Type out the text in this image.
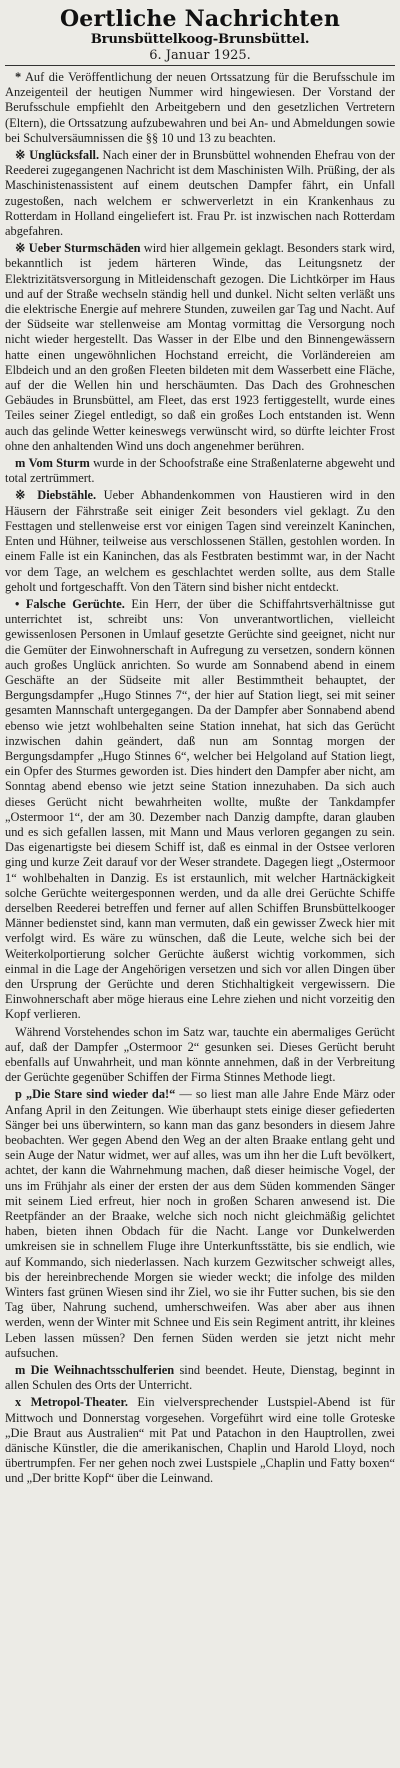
Oertliche Nachrichten
Brunsbüttelkoog-Brunsbüttel.
6. Januar 1925.

* Auf die Veröffentlichung der neuen Ortssatzung für die Berufsschule im Anzeigenteil der heutigen Nummer wird hingewiesen. Der Vorstand der Berufsschule empfiehlt den Arbeitgebern und den gesetzlichen Vertretern (Eltern), die Ortssatzung aufzubewahren und bei An- und Abmeldungen sowie bei Schulversäumnissen die §§ 10 und 13 zu beachten.

※ Unglücksfall. Nach einer der in Brunsbüttel wohnenden Ehefrau von der Reederei zugegangenen Nachricht ist dem Maschinisten Wilh. Prüßing, der als Maschinistenassistent auf einem deutschen Dampfer fährt, ein Unfall zugestoßen, nach welchem er schwerverletzt in ein Krankenhaus zu Rotterdam in Holland eingeliefert ist. Frau Pr. ist inzwischen nach Rotterdam abgefahren.

※ Ueber Sturmschäden wird hier allgemein geklagt. Besonders stark wird, bekanntlich ist jedem härteren Winde, das Leitungsnetz der Elektrizitätsversorgung in Mitleidenschaft gezogen. Die Lichtkörper im Haus und auf der Straße wechseln ständig hell und dunkel. Nicht selten verläßt uns die elektrische Energie auf mehrere Stunden, zuweilen gar Tag und Nacht. Auf der Südseite war stellenweise am Montag vormittag die Versorgung noch nicht wieder hergestellt. Das Wasser in der Elbe und den Binnengewässern hatte einen ungewöhnlichen Hochstand erreicht, die Vorländereien am Elbdeich und an den großen Fleeten bildeten mit dem Wasserbett eine Fläche, auf der die Wellen hin und herschäumten. Das Dach des Grohneschen Gebäudes in Brunsbüttel, am Fleet, das erst 1923 fertiggestellt, wurde eines Teiles seiner Ziegel entledigt, so daß ein großes Loch entstanden ist. Wenn auch das gelinde Wetter keineswegs verwünscht wird, so dürfte leichter Frost ohne den anhaltenden Wind uns doch angenehmer berühren.

m Vom Sturm wurde in der Schoofstraße eine Straßenlaterne abgeweht und total zertrümmert.

※ Diebstähle. Ueber Abhandenkommen von Haustieren wird in den Häusern der Fährstraße seit einiger Zeit besonders viel geklagt. Zu den Festtagen und stellenweise erst vor einigen Tagen sind vereinzelt Kaninchen, Enten und Hühner, teilweise aus verschlossenen Ställen, gestohlen worden. In einem Falle ist ein Kaninchen, das als Festbraten bestimmt war, in der Nacht vor dem Tage, an welchem es geschlachtet werden sollte, aus dem Stalle geholt und fortgeschafft. Von den Tätern sind bisher nicht entdeckt.

• Falsche Gerüchte. Ein Herr, der über die Schiffahrtsverhältnisse gut unterrichtet ist, schreibt uns: Von unverantwortlichen, vielleicht gewissenlosen Personen in Umlauf gesetzte Gerüchte sind geeignet, nicht nur die Gemüter der Einwohnerschaft in Aufregung zu versetzen, sondern können auch großes Unglück anrichten. So wurde am Sonnabend abend in einem Geschäfte an der Südseite mit aller Bestimmtheit behauptet, der Bergungsdampfer „Hugo Stinnes 7“, der hier auf Station liegt, sei mit seiner gesamten Mannschaft untergegangen. Da der Dampfer aber Sonnabend abend ebenso wie jetzt wohlbehalten seine Station innehat, hat sich das Gerücht inzwischen dahin geändert, daß nun am Sonntag morgen der Bergungsdampfer „Hugo Stinnes 6“, welcher bei Helgoland auf Station liegt, ein Opfer des Sturmes geworden ist. Dies hindert den Dampfer aber nicht, am Sonntag abend ebenso wie jetzt seine Station innezuhaben. Da sich auch dieses Gerücht nicht bewahrheiten wollte, mußte der Tankdampfer „Ostermoor 1“, der am 30. Dezember nach Danzig dampfte, daran glauben und es sich gefallen lassen, mit Mann und Maus verloren gegangen zu sein. Das eigenartigste bei diesem Schiff ist, daß es einmal in der Ostsee verloren ging und kurze Zeit darauf vor der Weser strandete. Dagegen liegt „Ostermoor 1“ wohlbehalten in Danzig. Es ist erstaunlich, mit welcher Hartnäckigkeit solche Gerüchte weitergesponnen werden, und da alle drei Gerüchte Schiffe derselben Reederei betreffen und ferner auf allen Schiffen Brunsbüttelkooger Männer bedienstet sind, kann man vermuten, daß ein gewisser Zweck hier mit verfolgt wird. Es wäre zu wünschen, daß die Leute, welche sich bei der Weiterkolportierung solcher Gerüchte äußerst wichtig vorkommen, sich einmal in die Lage der Angehörigen versetzen und sich vor allen Dingen über den Ursprung der Gerüchte und deren Stichhaltigkeit vergewissern. Die Einwohnerschaft aber möge hieraus eine Lehre ziehen und nicht vorzeitig den Kopf verlieren.

Während Vorstehendes schon im Satz war, tauchte ein abermaliges Gerücht auf, daß der Dampfer „Ostermoor 2“ gesunken sei. Dieses Gerücht beruht ebenfalls auf Unwahrheit, und man könnte annehmen, daß in der Verbreitung der Gerüchte gegenüber Schiffen der Firma Stinnes Methode liegt.

p „Die Stare sind wieder da!“ — so liest man alle Jahre Ende März oder Anfang April in den Zeitungen. Wie überhaupt stets einige dieser gefiederten Sänger bei uns überwintern, so kann man das ganz besonders in diesem Jahre beobachten. Wer gegen Abend den Weg an der alten Braake entlang geht und sein Auge der Natur widmet, wer auf alles, was um ihn her die Luft bevölkert, achtet, der kann die Wahrnehmung machen, daß dieser heimische Vogel, der uns im Frühjahr als einer der ersten der aus dem Süden kommenden Sänger mit seinem Lied erfreut, hier noch in großen Scharen anwesend ist. Die Reetpfänder an der Braake, welche sich noch nicht gleichmäßig gelichtet haben, bieten ihnen Obdach für die Nacht. Lange vor Dunkelwerden umkreisen sie in schnellem Fluge ihre Unterkunftsstätte, bis sie endlich, wie auf Kommando, sich niederlassen. Nach kurzem Gezwitscher schweigt alles, bis der hereinbrechende Morgen sie wieder weckt; die infolge des milden Winters fast grünen Wiesen sind ihr Ziel, wo sie ihr Futter suchen, bis sie den Tag über, Nahrung suchend, umherschweifen. Was aber aber aus ihnen werden, wenn der Winter mit Schnee und Eis sein Regiment antritt, ihr kleines Leben lassen müssen? Den fernen Süden werden sie jetzt nicht mehr aufsuchen.

m Die Weihnachtsschulferien sind beendet. Heute, Dienstag, beginnt in allen Schulen des Orts der Unterricht.

x Metropol-Theater. Ein vielversprechender Lustspiel-Abend ist für Mittwoch und Donnerstag vorgesehen. Vorgeführt wird eine tolle Groteske „Die Braut aus Australien“ mit Pat und Patachon in den Hauptrollen, zwei dänische Künstler, die die amerikanischen, Chaplin und Harold Lloyd, noch übertrumpfen. Fer ner gehen noch zwei Lustspiele „Chaplin und Fatty boxen“ und „Der britte Kopf“ über die Leinwand.
